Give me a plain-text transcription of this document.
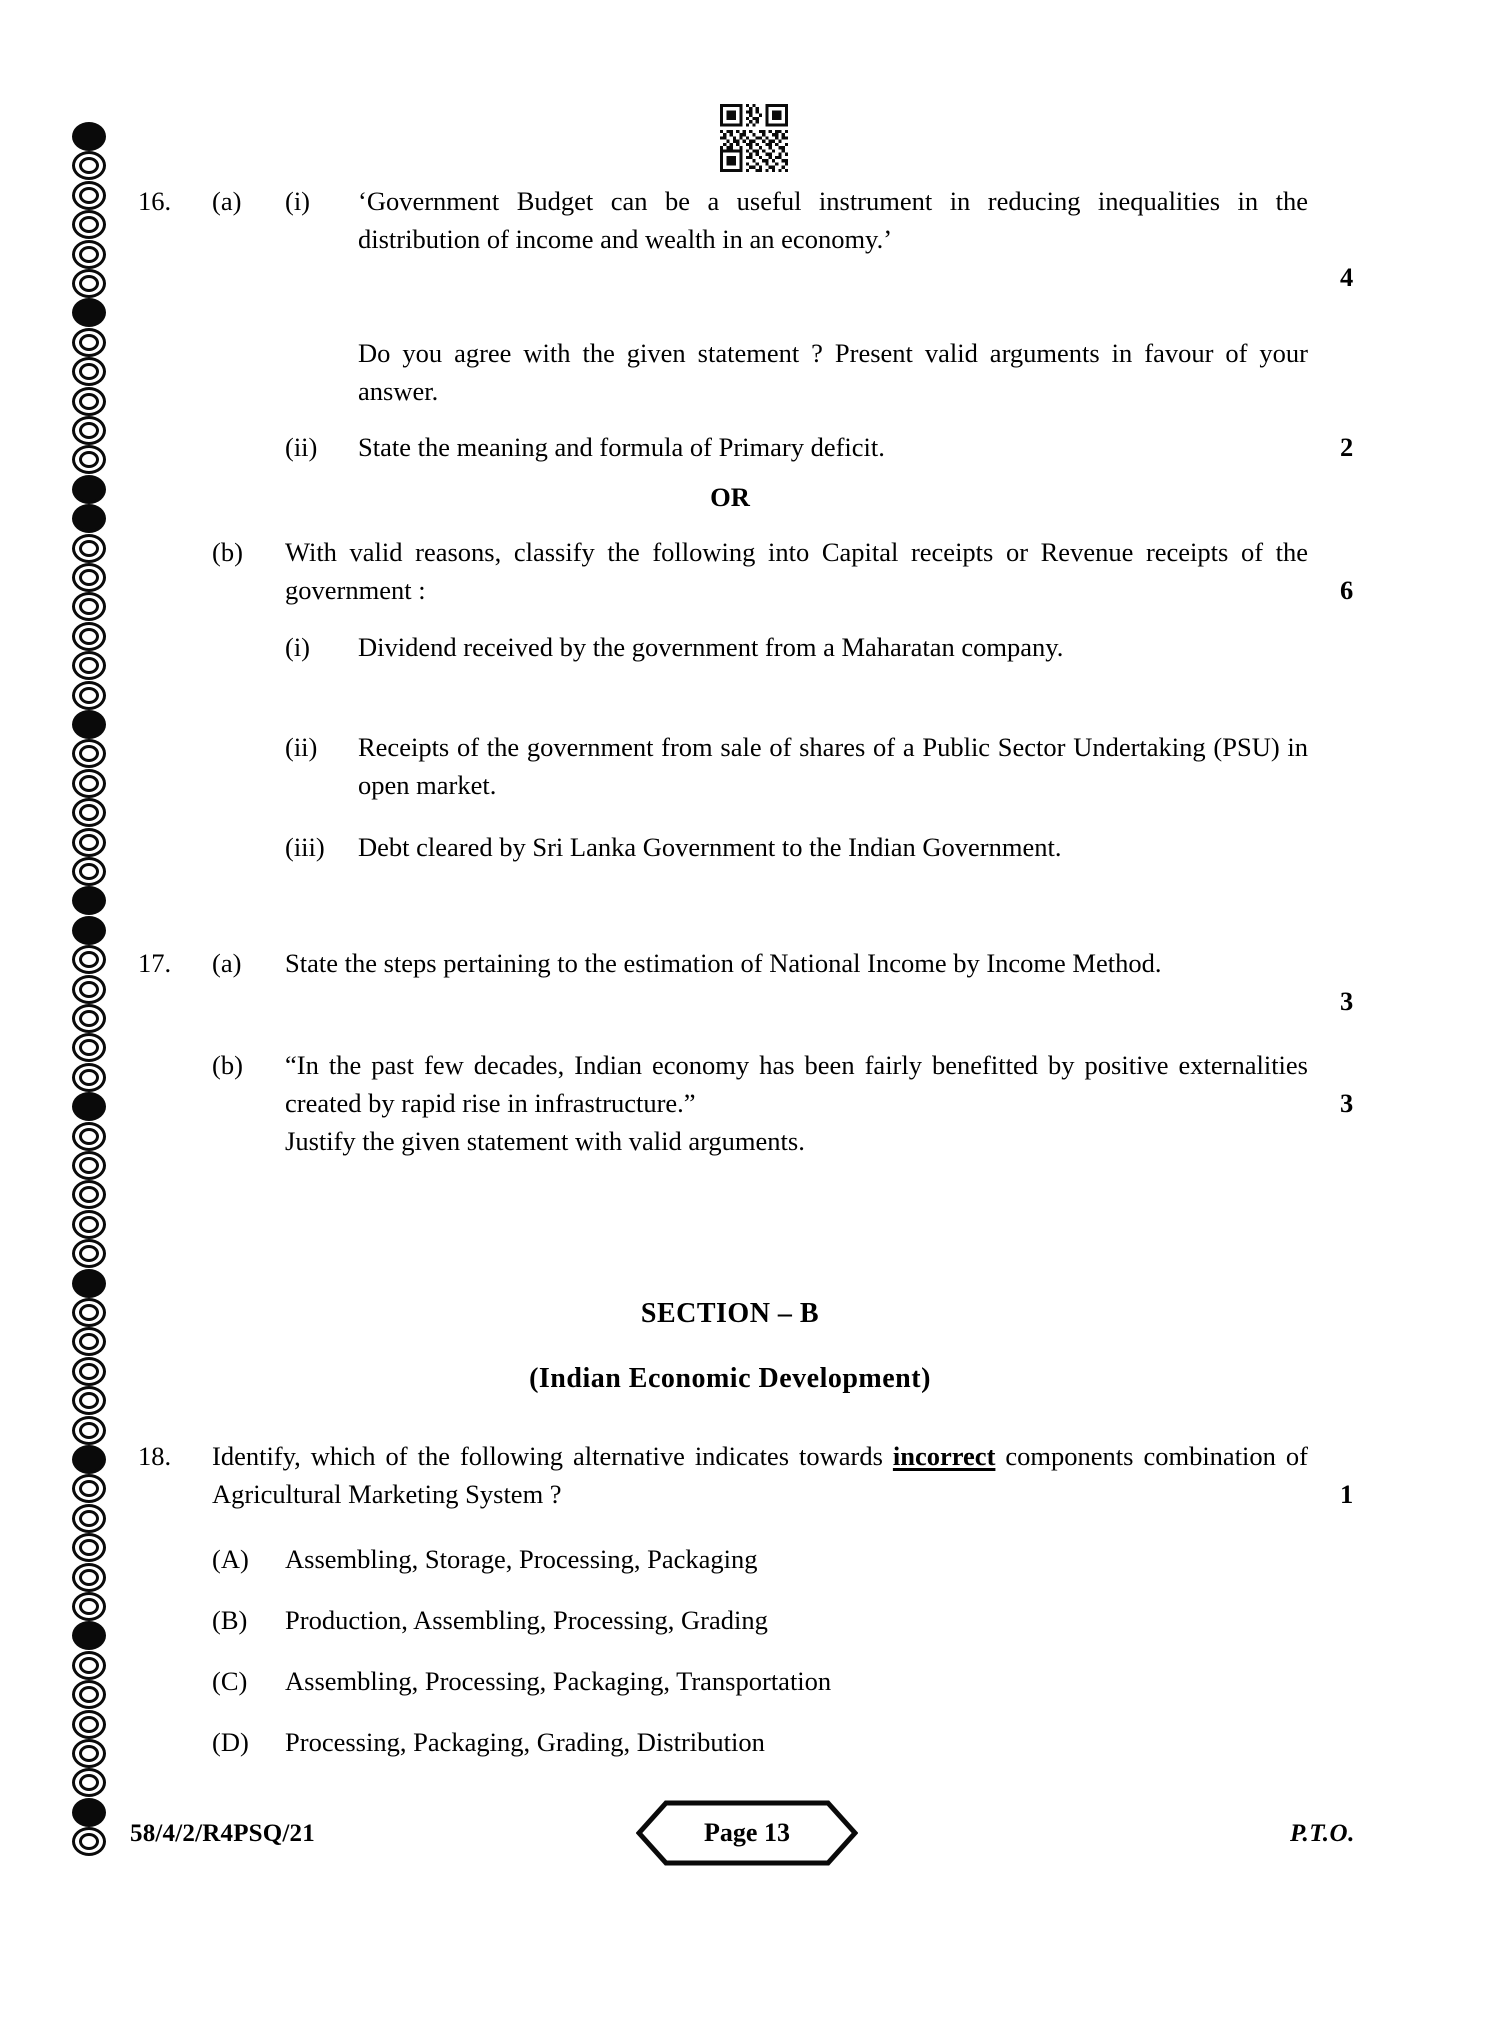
16.	(a) (i) ‘Government Budget can be a useful instrument in reducing inequalities in the distribution of income and wealth in an economy.’
4
Do you agree with the given statement ? Present valid arguments in favour of your answer.
(ii) State the meaning and formula of Primary deficit.	2
OR
(b) With valid reasons, classify the following into Capital receipts or Revenue receipts of the government :	6
(i) Dividend received by the government from a Maharatan company.
(ii) Receipts of the government from sale of shares of a Public Sector Undertaking (PSU) in open market.
(iii) Debt cleared by Sri Lanka Government to the Indian Government.
17.	(a) State the steps pertaining to the estimation of National Income by Income Method.
3
(b) “In the past few decades, Indian economy has been fairly benefitted by positive externalities created by rapid rise in infrastructure.”	3
Justify the given statement with valid arguments.
SECTION – B
(Indian Economic Development)
18.	Identify, which of the following alternative indicates towards incorrect components combination of Agricultural Marketing System ?	1
(A) Assembling, Storage, Processing, Packaging
(B) Production, Assembling, Processing, Grading
(C) Assembling, Processing, Packaging, Transportation
(D) Processing, Packaging, Grading, Distribution
58/4/2/R4PSQ/21	Page 13	P.T.O.
